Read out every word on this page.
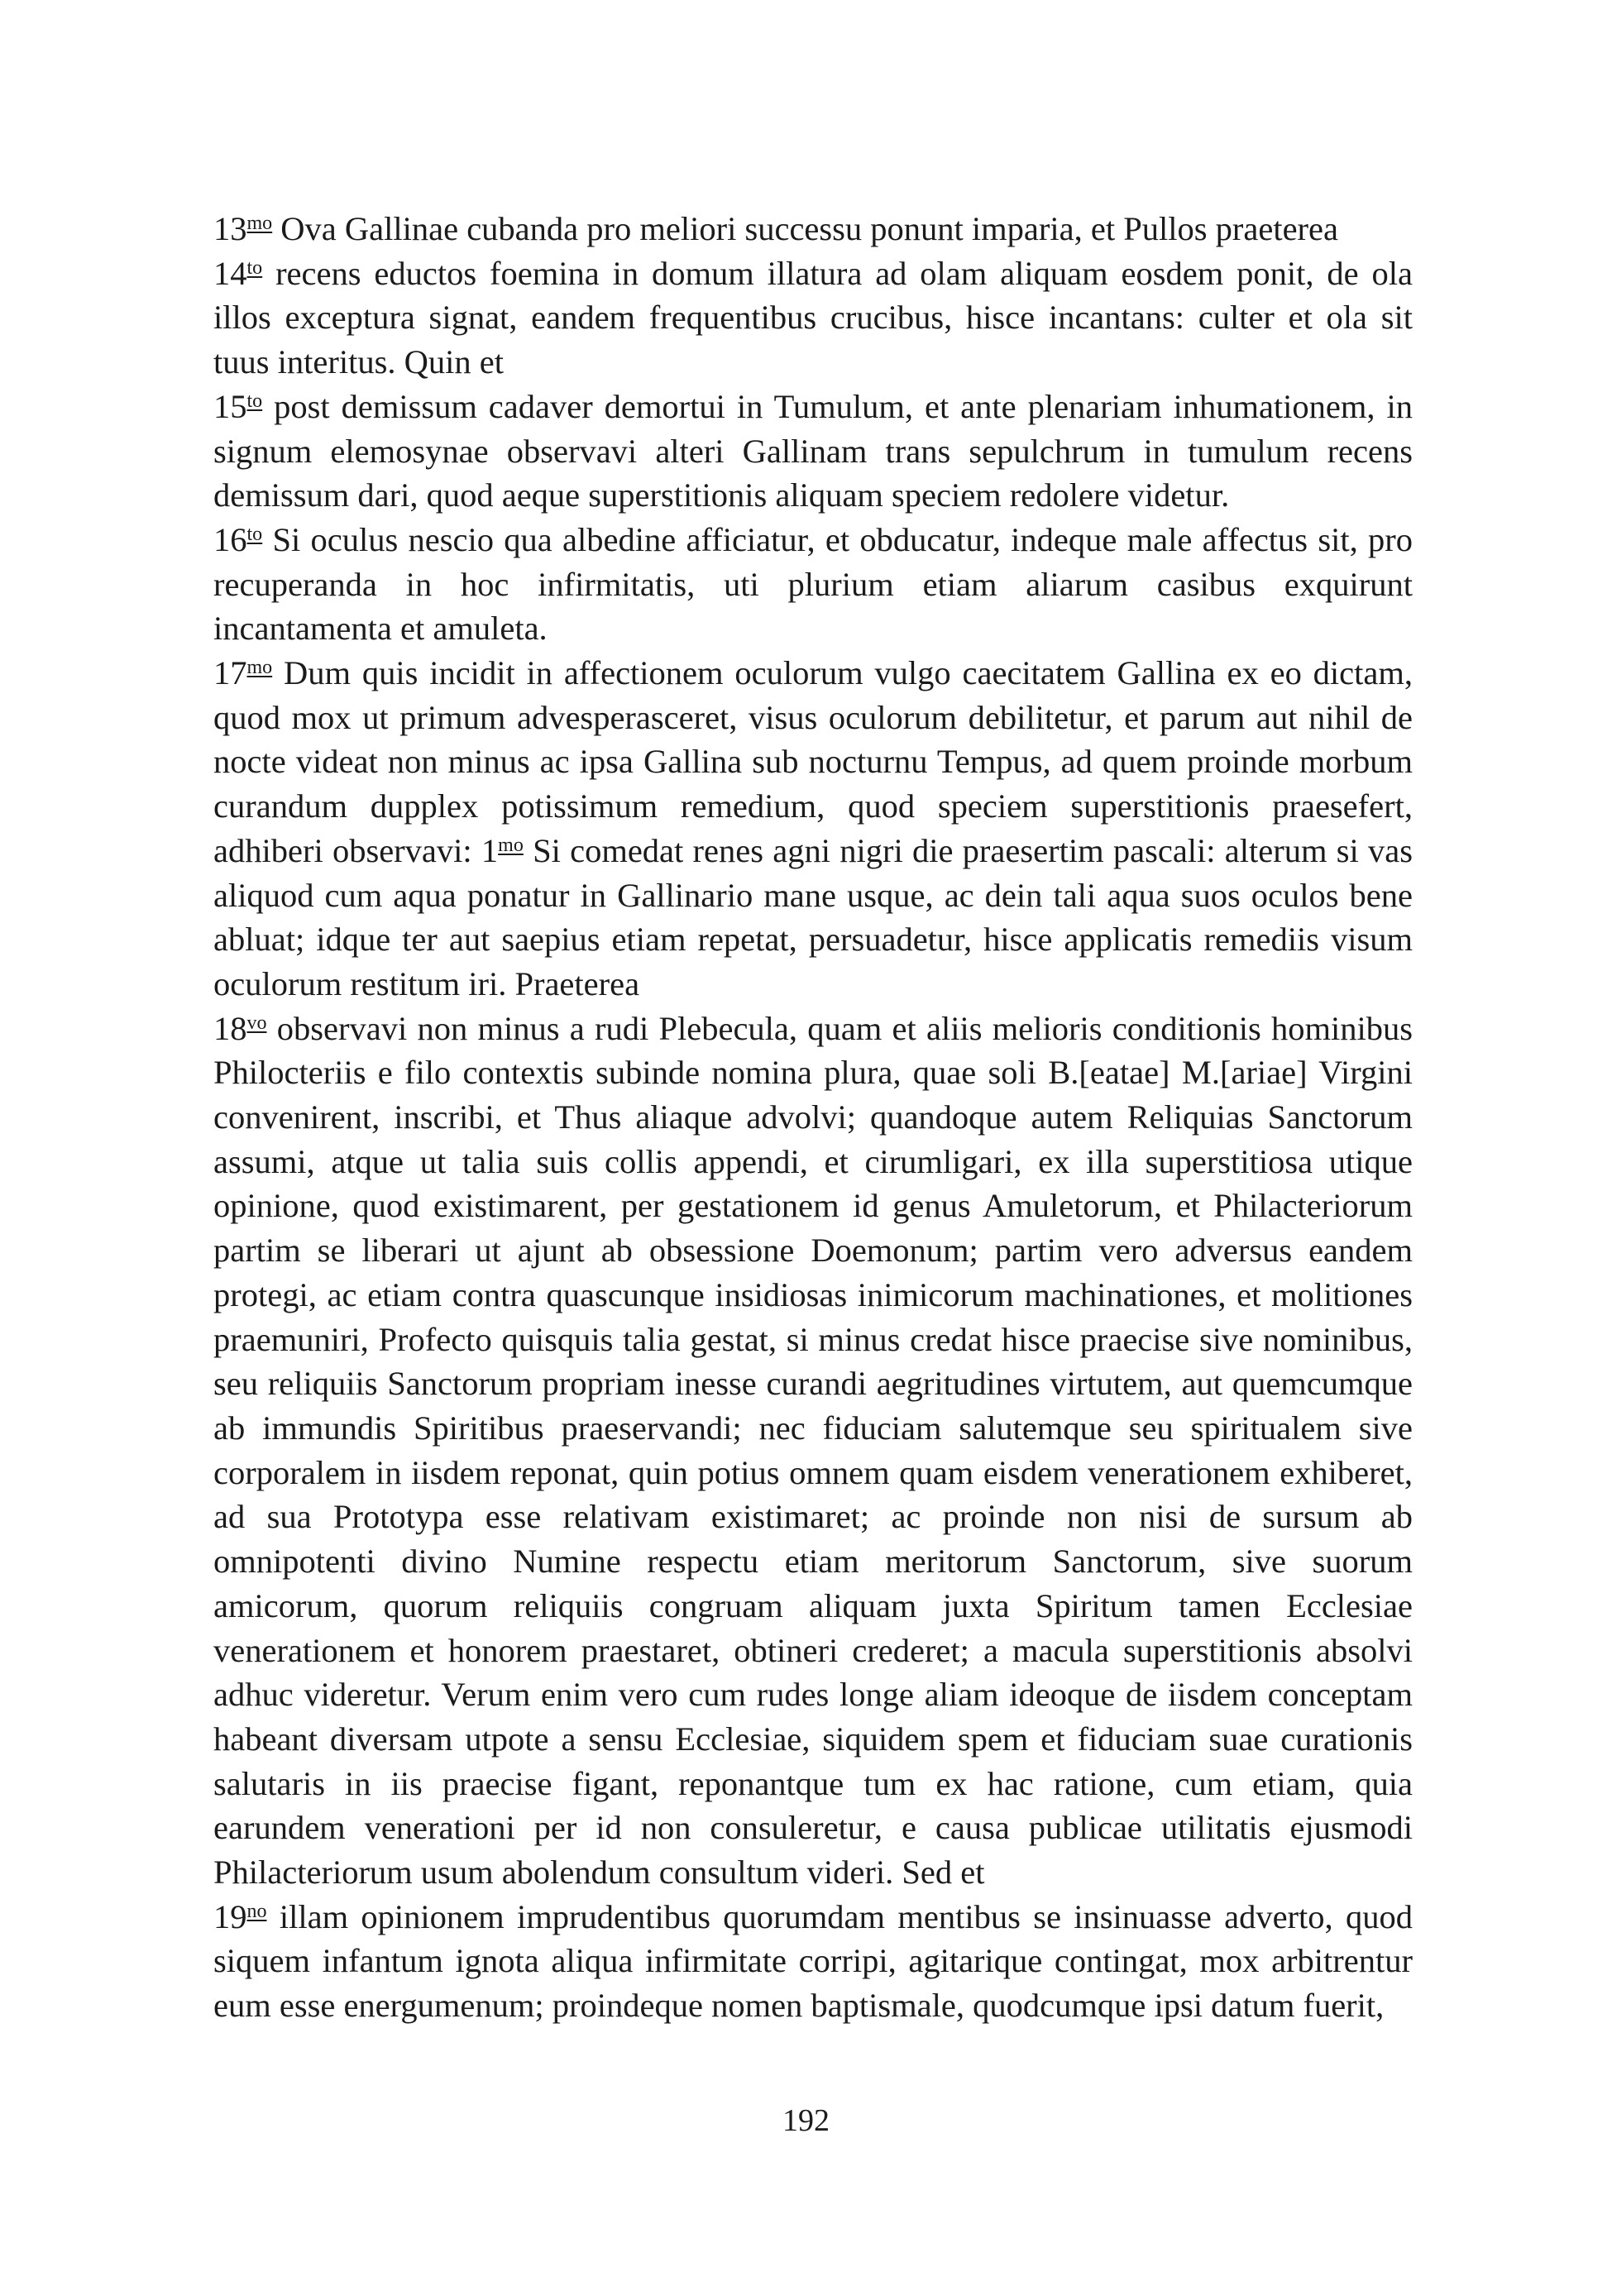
$13^{mo}$ Ova Gallinae cubanda pro meliori successu ponunt imparia, et Pullos praeterea

$14^{to}$ recens eductos foemina in domum illatura ad olam aliquam eosdem ponit, de ola illos exceptura signat, eandem frequentibus crucibus, hisce incantans: culter et ola sit tuus interitus. Quin et

$15^{to}$ post demissum cadaver demortui in Tumulum, et ante plenariam inhumationem, in signum elemosynae observavi alteri Gallinam trans sepulchrum in tumulum recens demissum dari, quod aeque superstitionis aliquam speciem redolere videtur.

$16^{to}$ Si oculus nescio qua albedine afficiatur, et obducatur, indeque male affectus sit, pro recuperanda in hoc infirmitatis, uti plurium etiam aliarum casibus exquirunt incantamenta et amuleta.

$17^{mo}$ Dum quis incidit in affectionem oculorum vulgo caecitatem Gallina ex eo dictam, quod mox ut primum advesperasceret, visus oculorum debilitetur, et parum aut nihil de nocte videat non minus ac ipsa Gallina sub nocturnu Tempus, ad quem proinde morbum curandum dupplex potissimum remedium, quod speciem superstitionis praesefert, adhiberi observavi: $1^{mo}$ Si comedat renes agni nigri die praesertim pascali: alterum si vas aliquod cum aqua ponatur in Gallinario mane usque, ac dein tali aqua suos oculos bene abluat; idque ter aut saepius etiam repetat, persuadetur, hisce applicatis remediis visum oculorum restitum iri. Praeterea

$18^{vo}$ observavi non minus a rudi Plebecula, quam et aliis melioris conditionis hominibus Philocteriis e filo contextis subinde nomina plura, quae soli B.[eatae] M.[ariae] Virgini convenirent, inscribi, et Thus aliaque advolvi; quandoque autem Reliquias Sanctorum assumi, atque ut talia suis collis appendi, et cirumligari, ex illa superstitiosa utique opinione, quod existimarent, per gestationem id genus Amuletorum, et Philacteriorum partim se liberari ut ajunt ab obsessione Doemonum; partim vero adversus eandem protegi, ac etiam contra quascunque insidiosas inimicorum machinationes, et molitiones praemuniri, Profecto quisquis talia gestat, si minus credat hisce praecise sive nominibus, seu reliquiis Sanctorum propriam inesse curandi aegritudines virtutem, aut quemcumque ab immundis Spiritibus praeservandi; nec fiduciam salutemque seu spiritualem sive corporalem in iisdem reponat, quin potius omnem quam eisdem venerationem exhiberet, ad sua Prototypa esse relativam existimaret; ac proinde non nisi de sursum ab omnipotenti divino Numine respectu etiam meritorum Sanctorum, sive suorum amicorum, quorum reliquiis congruam aliquam juxta Spiritum tamen Ecclesiae venerationem et honorem praestaret, obtineri crederet; a macula superstitionis absolvi adhuc videretur. Verum enim vero cum rudes longe aliam ideoque de iisdem conceptam habeant diversam utpote a sensu Ecclesiae, siquidem spem et fiduciam suae curationis salutaris in iis praecise figant, reponantque tum ex hac ratione, cum etiam, quia earundem venerationi per id non consuleretur, e causa publicae utilitatis ejusmodi Philacteriorum usum abolendum consultum videri. Sed et

$19^{no}$ illam opinionem imprudentibus quorumdam mentibus se insinuasse adverto, quod siquem infantum ignota aliqua infirmitate corripi, agitarique contingat, mox arbitrentur eum esse energumenum; proindeque nomen baptismale, quodcumque ipsi datum fuerit,

192
